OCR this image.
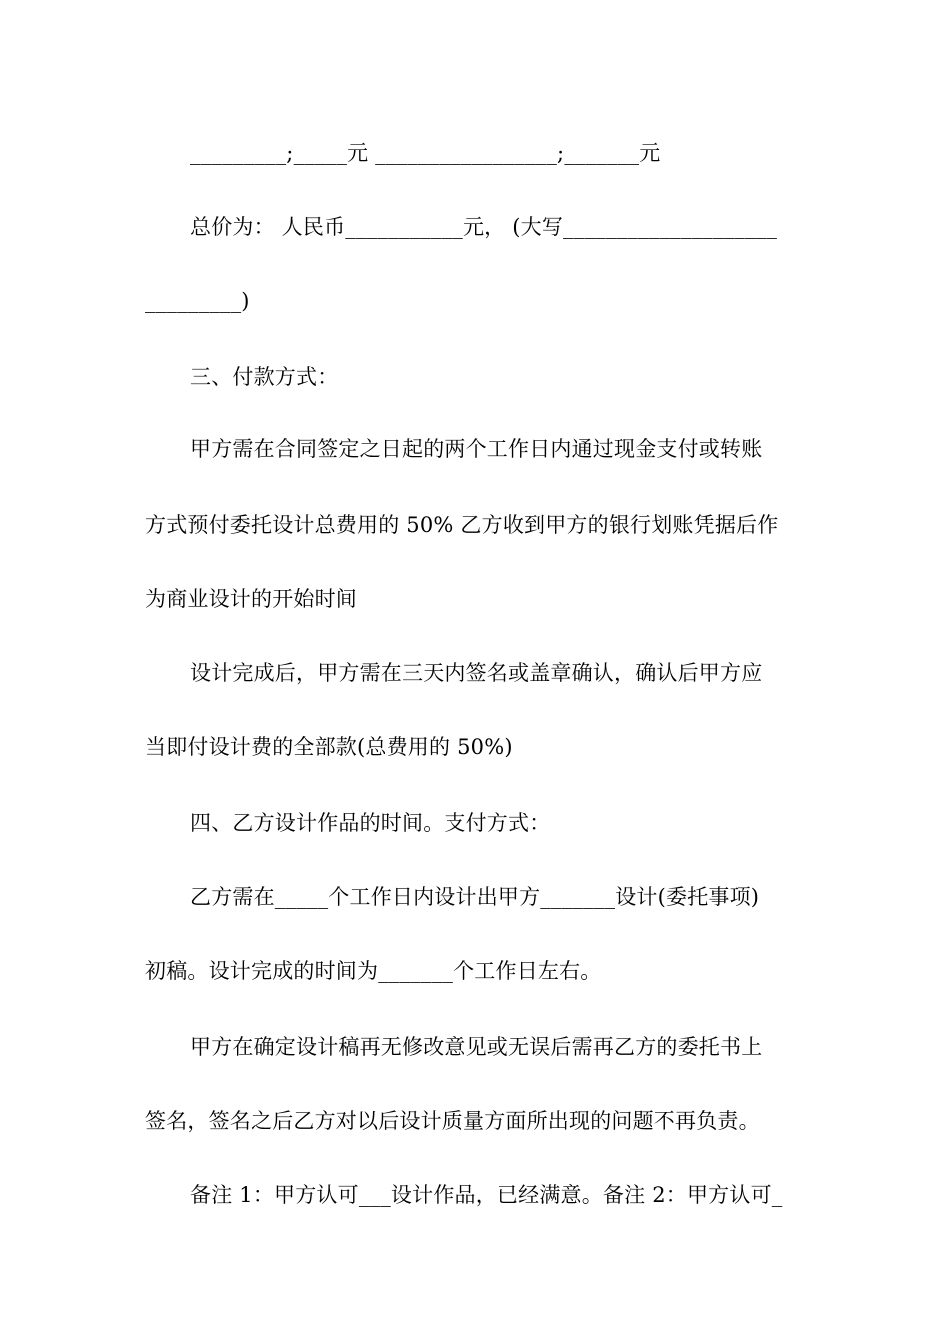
_________;_____元 _________________;_______元
总价为： 人民币___________元， (大写____________________
_________)
三、付款方式：
甲方需在合同签定之日起的两个工作日内通过现金支付或转账
方式预付委托设计总费用的 50% 乙方收到甲方的银行划账凭据后作
为商业设计的开始时间
设计完成后，甲方需在三天内签名或盖章确认，确认后甲方应
当即付设计费的全部款(总费用的 50%)
四、乙方设计作品的时间。支付方式：
乙方需在_____个工作日内设计出甲方_______设计(委托事项)
初稿。设计完成的时间为_______个工作日左右。
甲方在确定设计稿再无修改意见或无误后需再乙方的委托书上
签名，签名之后乙方对以后设计质量方面所出现的问题不再负责。
备注 1：甲方认可___设计作品，已经满意。备注 2：甲方认可_
